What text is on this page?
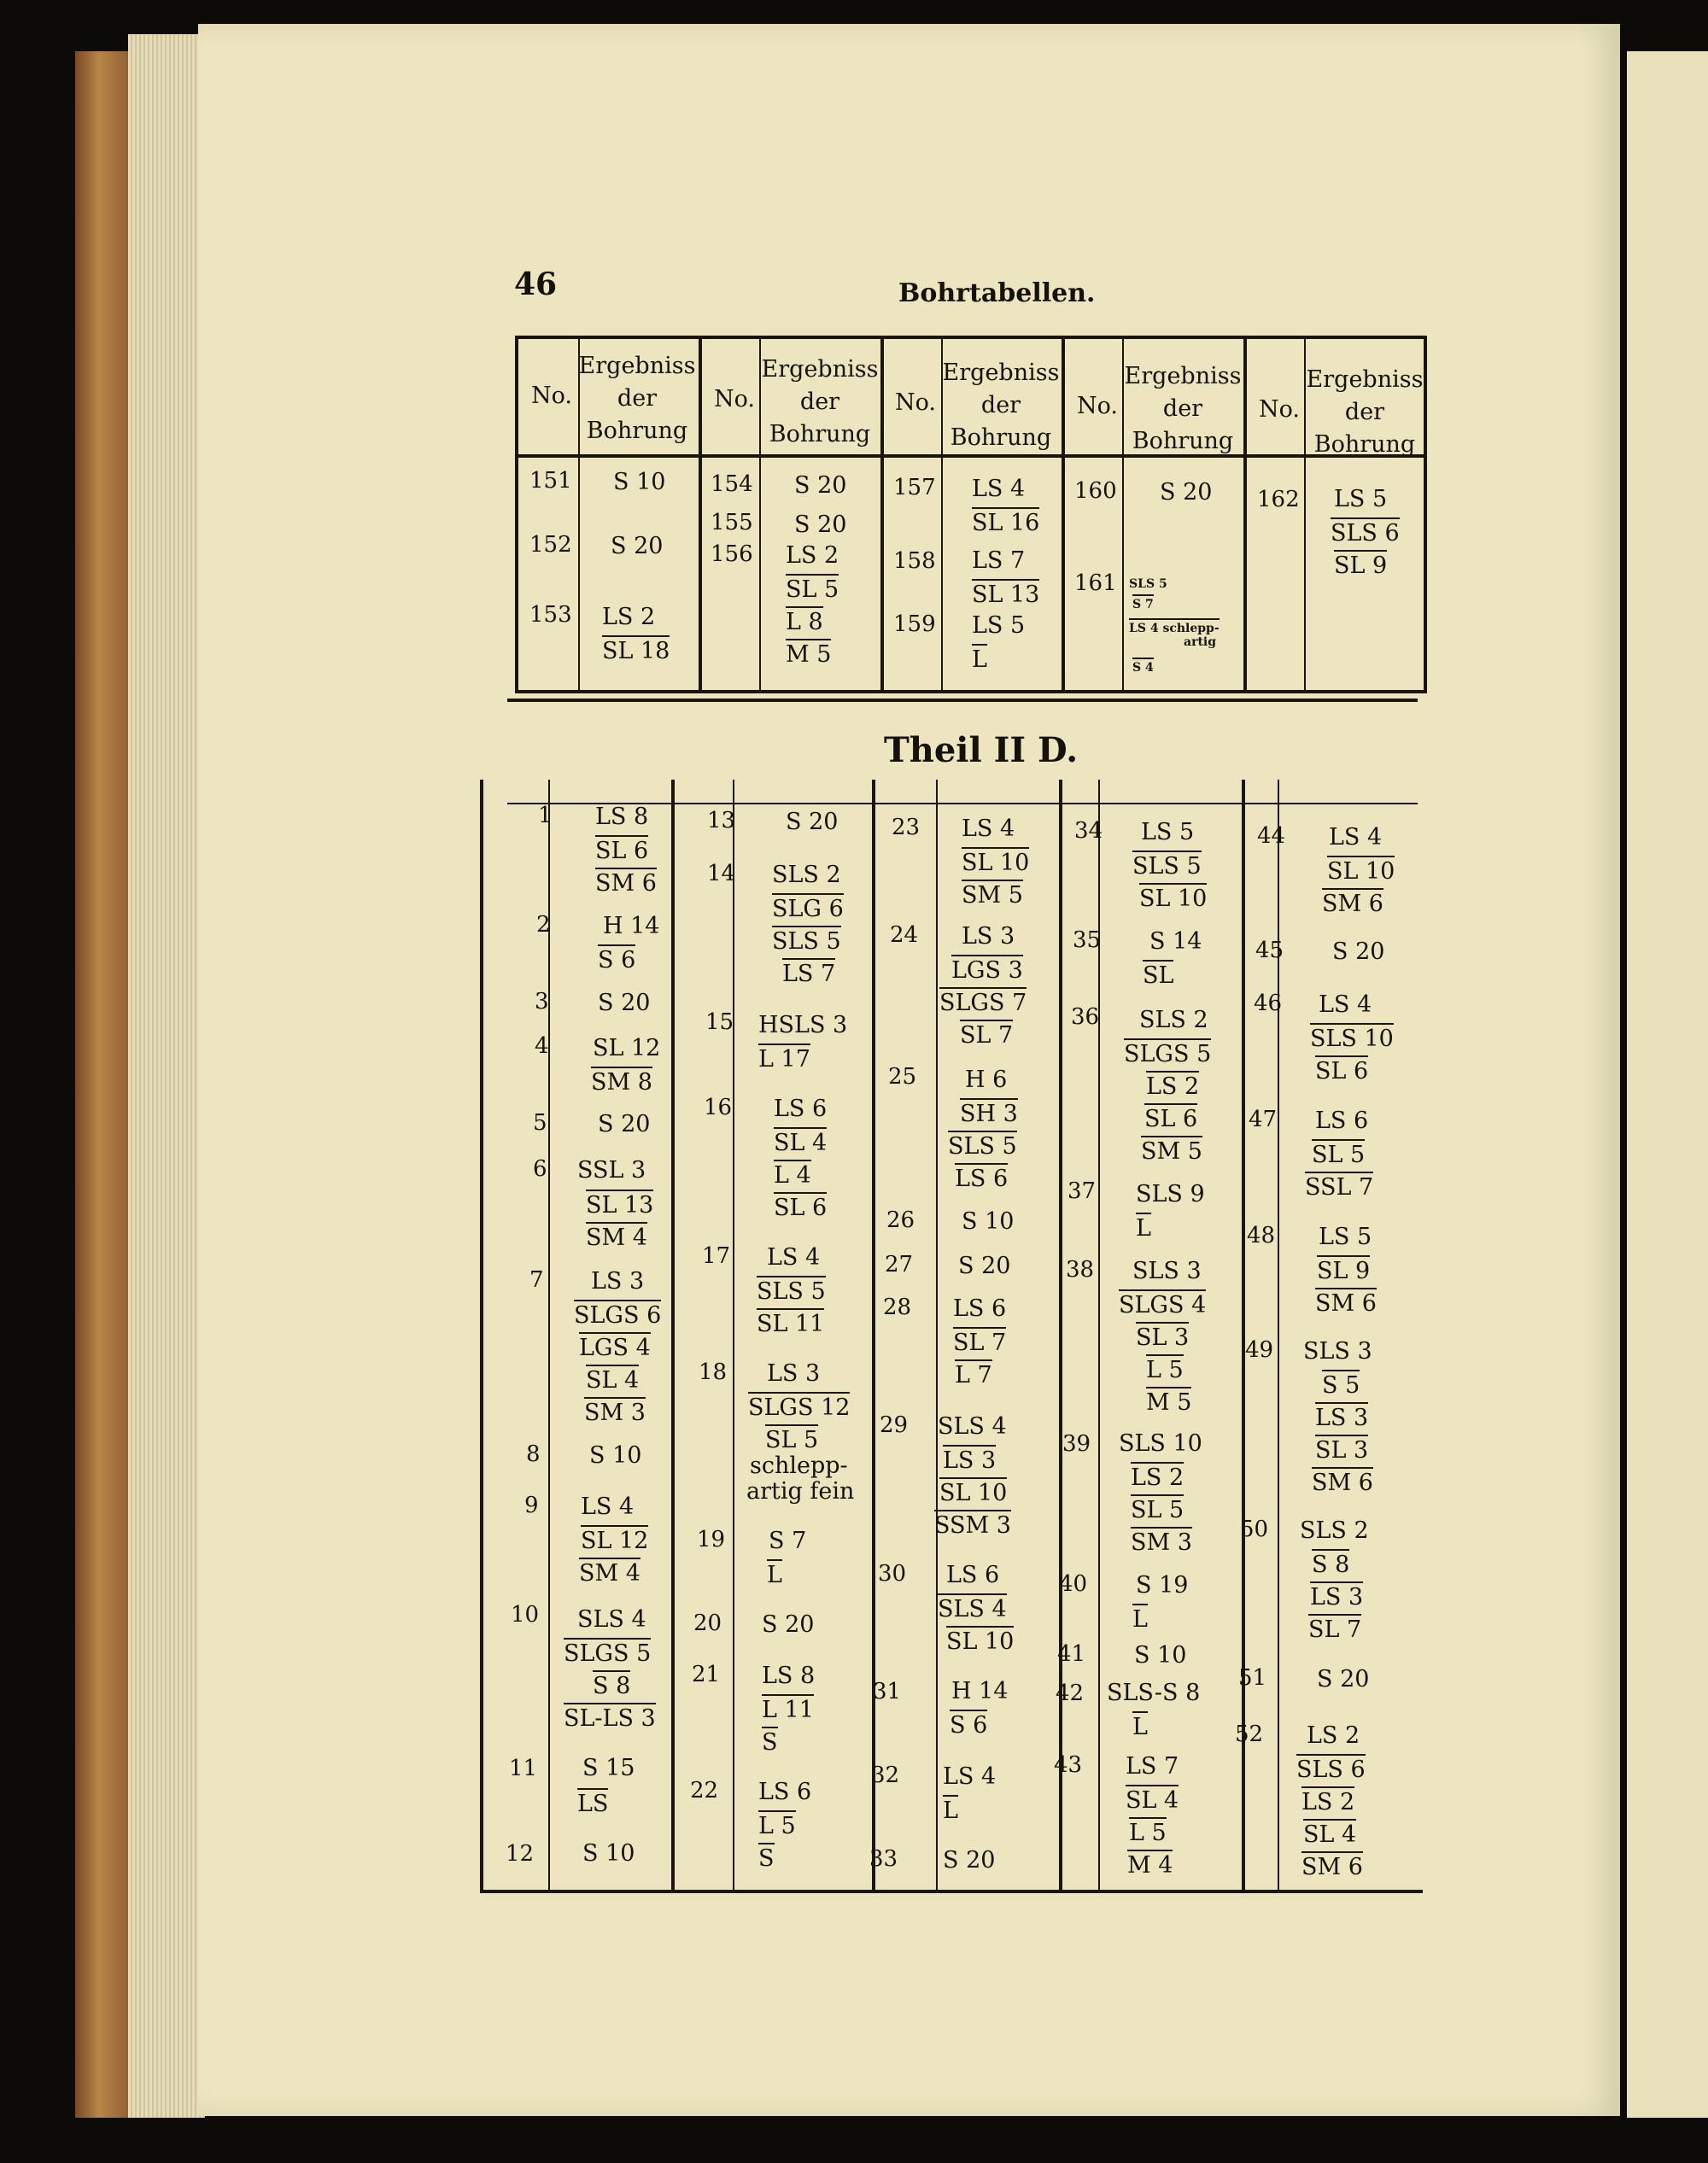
46	Bohrtabellen.
No.
Ergebniss
der
Bohrung
No.
Ergebniss
der
Bohrung
No.
Ergebniss
der
Bohrung
No.
Ergebniss
der
Bohrung
No.
Ergebniss
der
Bohrung
151 S 10
152 S 20
153 LS 2
SL 18
154 S 20
155 S 20
156 LS 2
SL 5
L 8
M 5
157 LS 4
SL 16
158 LS 7
SL 13
159 LS 5
L
160 S 20
161 SLS 5
S 7
LS 4 schlepp-
artig
S 4
162 LS 5
SLS 6
SL 9
Theil II D.
1 LS 8
SL 6
SM 6
2 H 14
S 6
3 S 20
4 SL 12
SM 8
5 S 20
6 SSL 3
SL 13
SM 4
7 LS 3
SLGS 6
LGS 4
SL 4
SM 3
8 S 10
9 LS 4
SL 12
SM 4
10 SLS 4
SLGS 5
S 8
SL-LS 3
11 S 15
LS
12 S 10
13 S 20
14 SLS 2
SLG 6
SLS 5
LS 7
15 HSLS 3
L 17
16 LS 6
SL 4
L 4
SL 6
17 LS 4
SLS 5
SL 11
18 LS 3
SLGS 12
SL 5
schlepp-
artig fein
19 S 7
L
20 S 20
21 LS 8
L 11
S
22 LS 6
L 5
S
23 LS 4
SL 10
SM 5
24 LS 3
LGS 3
SLGS 7
SL 7
25 H 6
SH 3
SLS 5
LS 6
26 S 10
27 S 20
28 LS 6
SL 7
L 7
29 SLS 4
LS 3
SL 10
SSM 3
30 LS 6
SLS 4
SL 10
31 H 14
S 6
32 LS 4
L
33 S 20
34 LS 5
SLS 5
SL 10
35 S 14
SL
36 SLS 2
SLGS 5
LS 2
SL 6
SM 5
37 SLS 9
L
38 SLS 3
SLGS 4
SL 3
L 5
M 5
39 SLS 10
LS 2
SL 5
SM 3
40 S 19
L
41 S 10
42 SLS-S 8
L
43 LS 7
SL 4
L 5
M 4
44 LS 4
SL 10
SM 6
45 S 20
46 LS 4
SLS 10
SL 6
47 LS 6
SL 5
SSL 7
48 LS 5
SL 9
SM 6
49 SLS 3
S 5
LS 3
SL 3
SM 6
50 SLS 2
S 8
LS 3
SL 7
51 S 20
52 LS 2
SLS 6
LS 2
SL 4
SM 6
